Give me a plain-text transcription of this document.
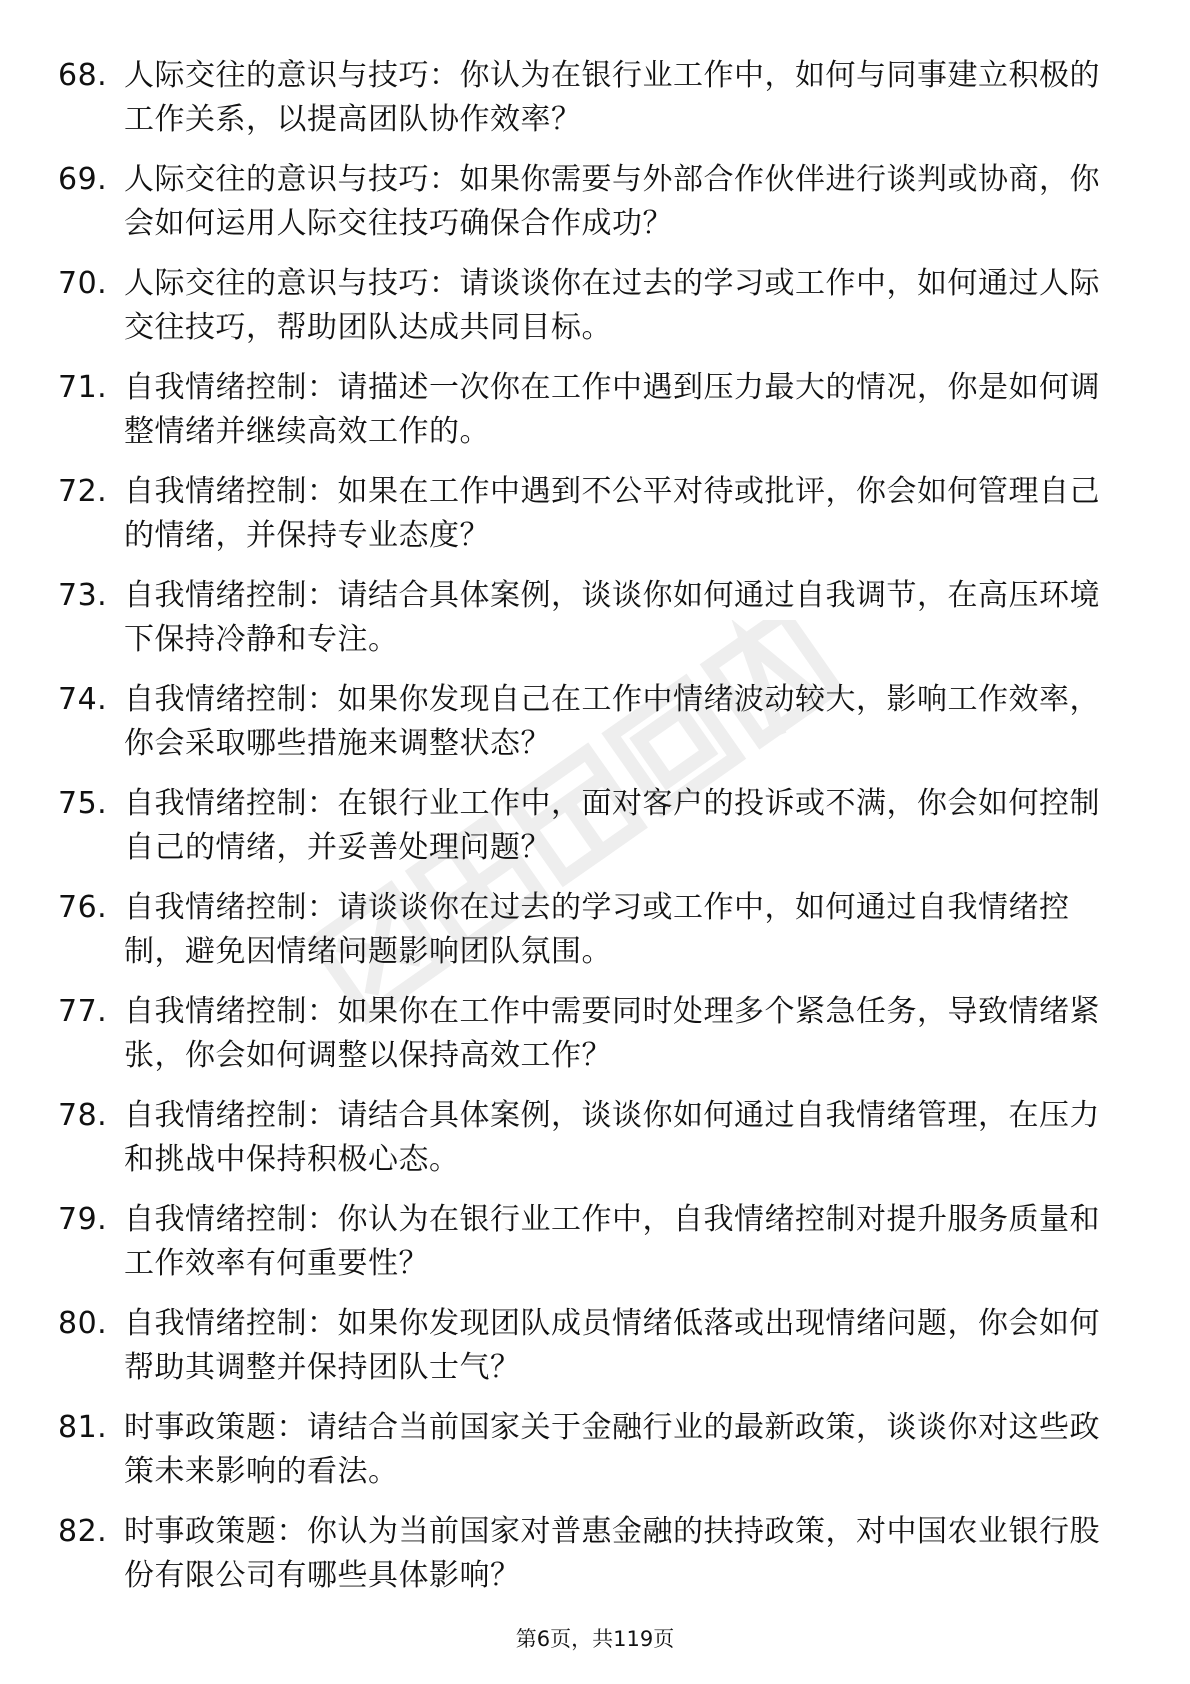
68. 人际交往的意识与技巧：你认为在银行业工作中，如何与同事建立积极的工作关系，以提高团队协作效率？
69. 人际交往的意识与技巧：如果你需要与外部合作伙伴进行谈判或协商，你会如何运用人际交往技巧确保合作成功？
70. 人际交往的意识与技巧：请谈谈你在过去的学习或工作中，如何通过人际交往技巧，帮助团队达成共同目标。
71. 自我情绪控制：请描述一次你在工作中遇到压力最大的情况，你是如何调整情绪并继续高效工作的。
72. 自我情绪控制：如果在工作中遇到不公平对待或批评，你会如何管理自己的情绪，并保持专业态度？
73. 自我情绪控制：请结合具体案例，谈谈你如何通过自我调节，在高压环境下保持冷静和专注。
74. 自我情绪控制：如果你发现自己在工作中情绪波动较大，影响工作效率，你会采取哪些措施来调整状态？
75. 自我情绪控制：在银行业工作中，面对客户的投诉或不满，你会如何控制自己的情绪，并妥善处理问题？
76. 自我情绪控制：请谈谈你在过去的学习或工作中，如何通过自我情绪控制，避免因情绪问题影响团队氛围。
77. 自我情绪控制：如果你在工作中需要同时处理多个紧急任务，导致情绪紧张，你会如何调整以保持高效工作？
78. 自我情绪控制：请结合具体案例，谈谈你如何通过自我情绪管理，在压力和挑战中保持积极心态。
79. 自我情绪控制：你认为在银行业工作中，自我情绪控制对提升服务质量和工作效率有何重要性？
80. 自我情绪控制：如果你发现团队成员情绪低落或出现情绪问题，你会如何帮助其调整并保持团队士气？
81. 时事政策题：请结合当前国家关于金融行业的最新政策，谈谈你对这些政策未来影响的看法。
82. 时事政策题：你认为当前国家对普惠金融的扶持政策，对中国农业银行股份有限公司有哪些具体影响？
第6页，共119页
